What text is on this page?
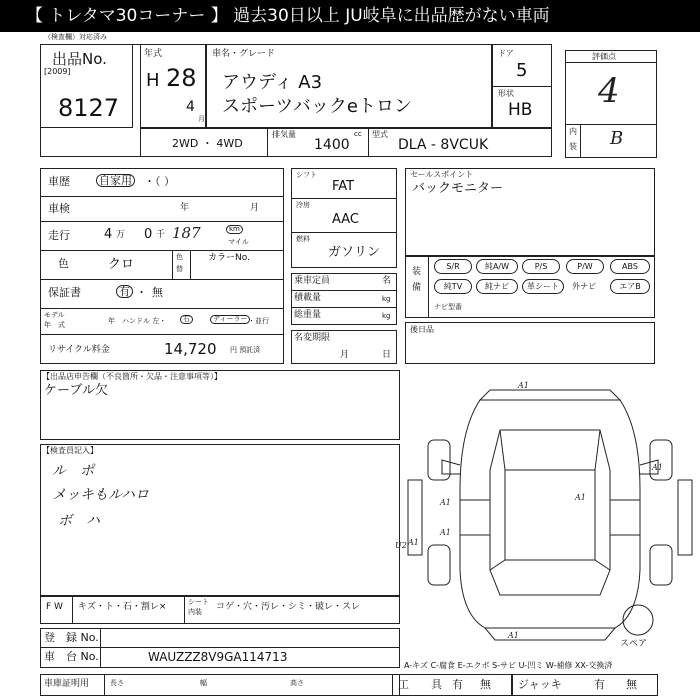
【 トレタマ30コーナー 】 過去30日以上 JU岐阜に出品歴がない車両
（検査欄）対応済み
出品No.
[2009]
8127
年式
H 28
4
月
車名・グレード
アウディ A3
スポーツバックeトロン
ドア
5
形状
HB
2WD ・ 4WD
排気量	cc
1400
型式
DLA - 8VCUK
評価点
4
内
装 B
車歴	自家用 ・（ ）
車検	年	月
走行	4 万 0 千 187	km
マイル
色	クロ	色
替
カラーNo.
保証書	有 ・ 無
モデル
年　式	年 ハンドル 左・	右	ディーラー ・並行
リサイクル料金	14,720 円 預託済
シフト
FAT
冷房
AAC
燃料
ガソリン
乗車定員	名
積載量	kg
総重量	kg
名変期限
月	日
セールスポイント
バックモニター
装
備
S/R	純A/W	P/S	P/W	ABS
純TV	純ナビ	革シート	外ナビ	エアB
ナビ型番
後日品
【出品店申告欄（不良箇所・欠品・注意事項等）】
ケーブル欠
【検査員記入】
ル　ポ
メッキもルハロ
ボ　ハ
A1
A1
A1
A1
A1
A1
U2
A1
スペア
F W キズ・ト・石・割レ×	シート
内装 コゲ・穴・汚レ・シミ・破レ・スレ
登　録 No.
車　台 No.	WAUZZZ8V9GA114713
A-キズ C-腐食 E-エクボ S-サビ U-凹ミ W-補修 XX-交換済
車庫証明用	長さ	幅	高さ	工　　具 有 無 ジャッキ	有 無
